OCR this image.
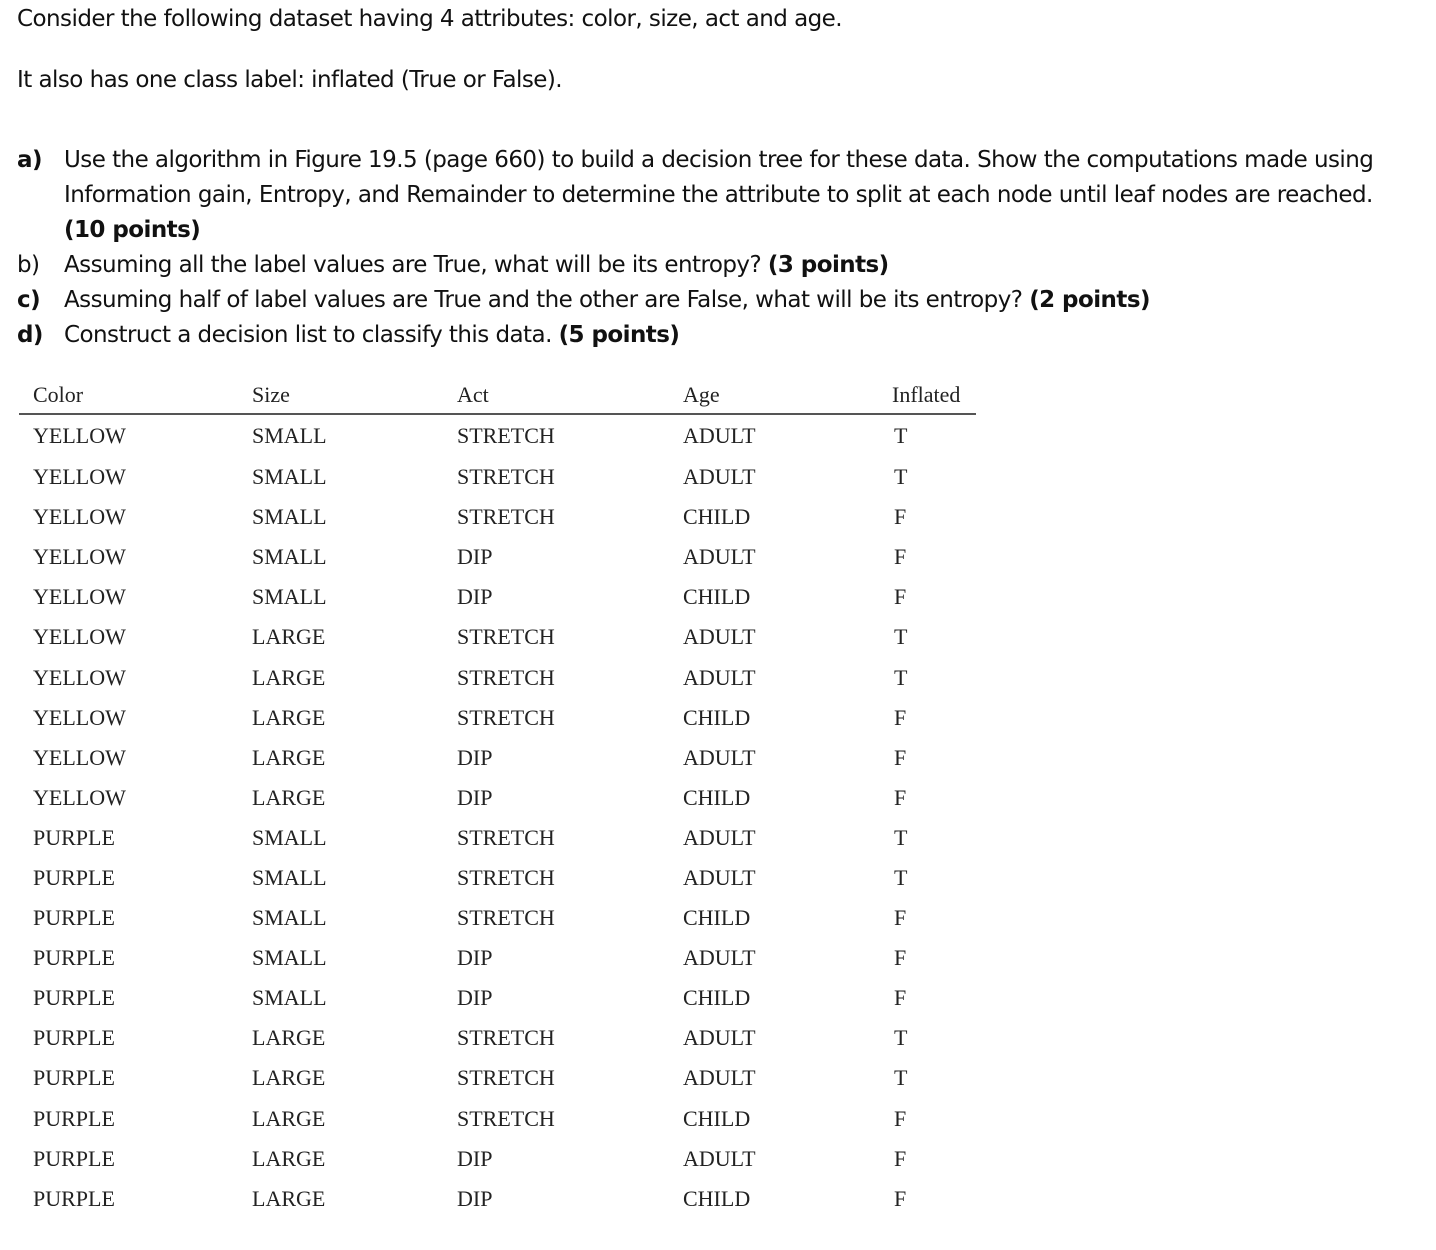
Consider the following dataset having 4 attributes: color, size, act and age.

It also has one class label: inflated (True or False).

a) Use the algorithm in Figure 19.5 (page 660) to build a decision tree for these data. Show the computations made using Information gain, Entropy, and Remainder to determine the attribute to split at each node until leaf nodes are reached. (10 points)
b) Assuming all the label values are True, what will be its entropy? (3 points)
c) Assuming half of label values are True and the other are False, what will be its entropy? (2 points)
d) Construct a decision list to classify this data. (5 points)
Color	Size	Act	Age	Inflated
YELLOW	SMALL	STRETCH	ADULT	T
YELLOW	SMALL	STRETCH	ADULT	T
YELLOW	SMALL	STRETCH	CHILD	F
YELLOW	SMALL	DIP	ADULT	F
YELLOW	SMALL	DIP	CHILD	F
YELLOW	LARGE	STRETCH	ADULT	T
YELLOW	LARGE	STRETCH	ADULT	T
YELLOW	LARGE	STRETCH	CHILD	F
YELLOW	LARGE	DIP	ADULT	F
YELLOW	LARGE	DIP	CHILD	F
PURPLE	SMALL	STRETCH	ADULT	T
PURPLE	SMALL	STRETCH	ADULT	T
PURPLE	SMALL	STRETCH	CHILD	F
PURPLE	SMALL	DIP	ADULT	F
PURPLE	SMALL	DIP	CHILD	F
PURPLE	LARGE	STRETCH	ADULT	T
PURPLE	LARGE	STRETCH	ADULT	T
PURPLE	LARGE	STRETCH	CHILD	F
PURPLE	LARGE	DIP	ADULT	F
PURPLE	LARGE	DIP	CHILD	F
